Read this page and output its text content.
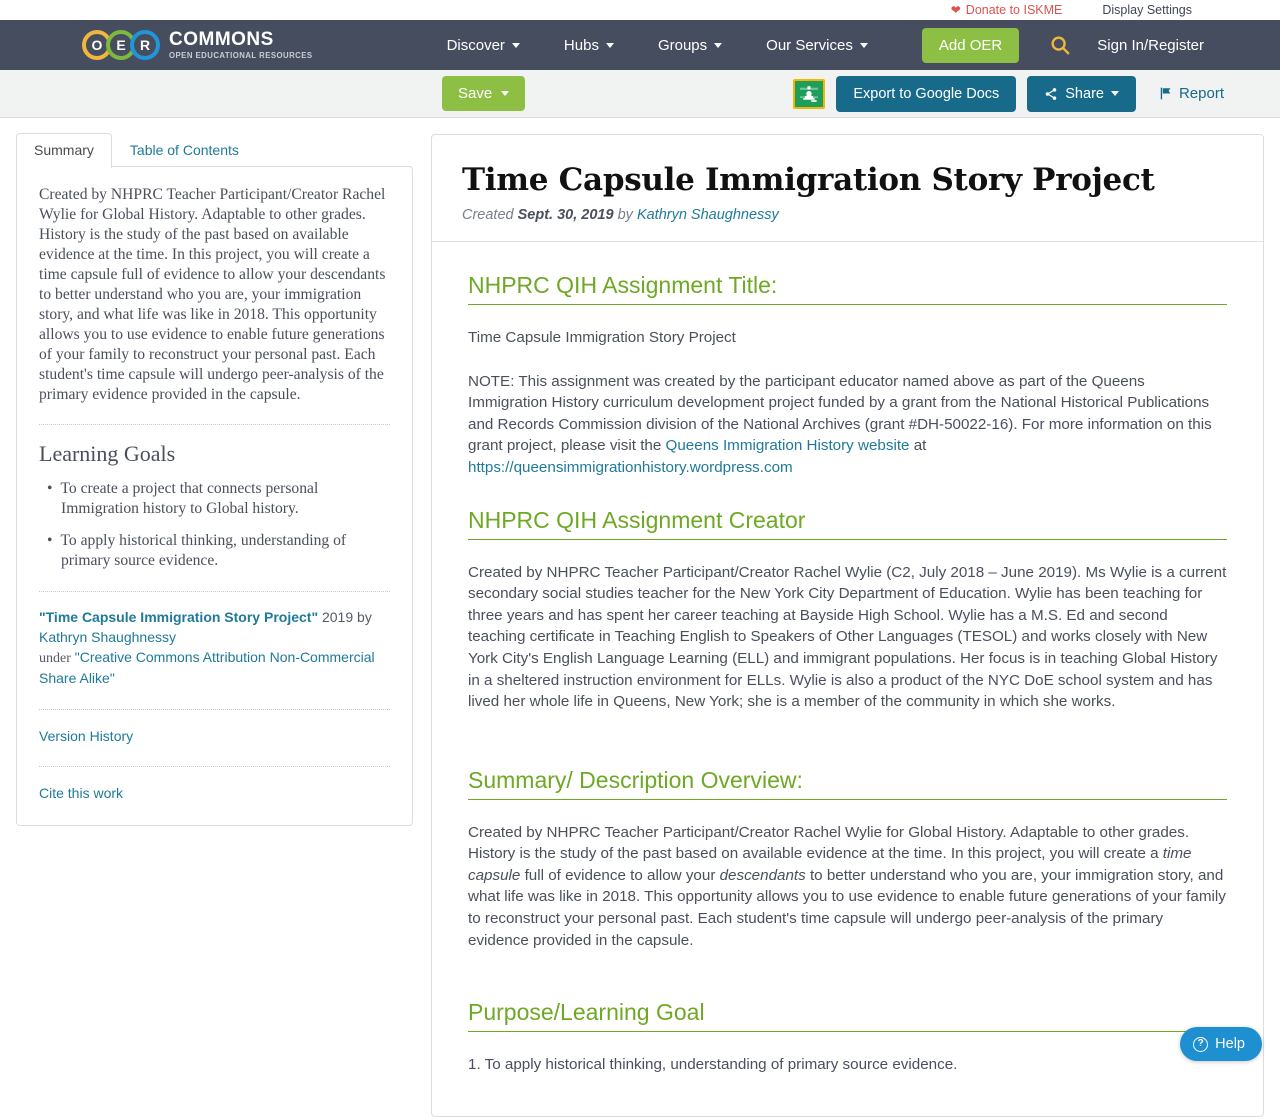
❤ Donate to ISKME	Display Settings
O E	R COMMONS
OPEN EDUCATIONAL RESOURCES
Discover	Hubs	Groups	Our Services	Add OER	Sign In/Register
Save	Export to Google Docs	Share	Report
Summary	Table of Contents

Created by NHPRC Teacher Participant/Creator Rachel Wylie for Global History. Adaptable to other grades. History is the study of the past based on available evidence at the time. In this project, you will create a time capsule full of evidence to allow your descendants to better understand who you are, your immigration story, and what life was like in 2018. This opportunity allows you to use evidence to enable future generations of your family to reconstruct your personal past. Each student's time capsule will undergo peer-analysis of the primary evidence provided in the capsule.

Learning Goals

• To create a project that connects personal Immigration history to Global history.

• To apply historical thinking, understanding of primary source evidence.

"Time Capsule Immigration Story Project" 2019 by
Kathryn Shaughnessy
under "Creative Commons Attribution Non-Commercial Share Alike"

Version History
Cite this work
Time Capsule Immigration Story Project

Created Sept. 30, 2019 by Kathryn Shaughnessy

NHPRC QIH Assignment Title:

Time Capsule Immigration Story Project

NOTE: This assignment was created by the participant educator named above as part of the Queens Immigration History curriculum development project funded by a grant from the National Historical Publications and Records Commission division of the National Archives (grant #DH-50022-16). For more information on this grant project, please visit the Queens Immigration History website at https://queensimmigrationhistory.wordpress.com

NHPRC QIH Assignment Creator

Created by NHPRC Teacher Participant/Creator Rachel Wylie (C2, July 2018 – June 2019). Ms Wylie is a current secondary social studies teacher for the New York City Department of Education. Wylie has been teaching for three years and has spent her career teaching at Bayside High School. Wylie has a M.S. Ed and second teaching certificate in Teaching English to Speakers of Other Languages (TESOL) and works closely with New York City's English Language Learning (ELL) and immigrant populations. Her focus is in teaching Global History in a sheltered instruction environment for ELLs. Wylie is also a product of the NYC DoE school system and has lived her whole life in Queens, New York; she is a member of the community in which she works.

Summary/ Description Overview:

Created by NHPRC Teacher Participant/Creator Rachel Wylie for Global History. Adaptable to other grades. History is the study of the past based on available evidence at the time. In this project, you will create a time capsule full of evidence to allow your descendants to better understand who you are, your immigration story, and what life was like in 2018. This opportunity allows you to use evidence to enable future generations of your family to reconstruct your personal past. Each student's time capsule will undergo peer-analysis of the primary evidence provided in the capsule.

Purpose/Learning Goal

1. To apply historical thinking, understanding of primary source evidence.

? Help
